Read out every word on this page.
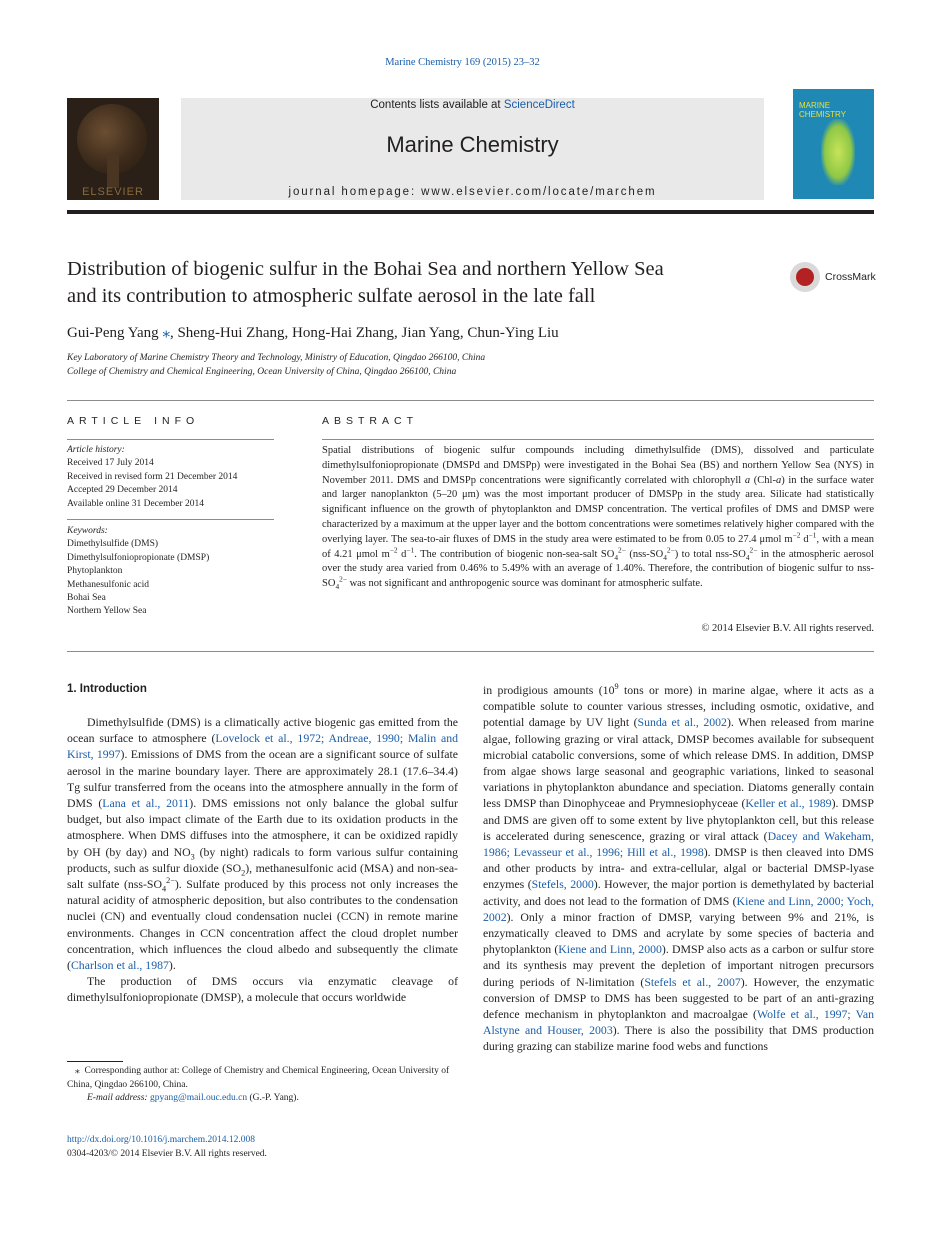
Marine Chemistry 169 (2015) 23–32
ELSEVIER
Contents lists available at ScienceDirect
Marine Chemistry
journal homepage: www.elsevier.com/locate/marchem
MARINE CHEMISTRY
Distribution of biogenic sulfur in the Bohai Sea and northern Yellow Sea
and its contribution to atmospheric sulfate aerosol in the late fall
CrossMark
Gui-Peng Yang ⁎, Sheng-Hui Zhang, Hong-Hai Zhang, Jian Yang, Chun-Ying Liu
Key Laboratory of Marine Chemistry Theory and Technology, Ministry of Education, Qingdao 266100, China
College of Chemistry and Chemical Engineering, Ocean University of China, Qingdao 266100, China
ARTICLE INFO
Article history:
Received 17 July 2014
Received in revised form 21 December 2014
Accepted 29 December 2014
Available online 31 December 2014
Keywords:
Dimethylsulfide (DMS)
Dimethylsulfoniopropionate (DMSP)
Phytoplankton
Methanesulfonic acid
Bohai Sea
Northern Yellow Sea
ABSTRACT
Spatial distributions of biogenic sulfur compounds including dimethylsulfide (DMS), dissolved and particulate dimethylsulfoniopropionate (DMSPd and DMSPp) were investigated in the Bohai Sea (BS) and northern Yellow Sea (NYS) in November 2011. DMS and DMSPp concentrations were significantly correlated with chlorophyll a (Chl-a) in the surface water and larger nanoplankton (5–20 μm) was the most important producer of DMSPp in the study area. Silicate had statistically significant influence on the growth of phytoplankton and DMSP concentration. The vertical profiles of DMS and DMSP were characterized by a maximum at the upper layer and the bottom concentrations were sometimes relatively higher compared with the overlying layer. The sea-to-air fluxes of DMS in the study area were estimated to be from 0.05 to 27.4 μmol $m^{-2}$ $d^{-1}$, with a mean of 4.21 μmol $m^{-2}$ $d^{-1}$. The contribution of biogenic non-sea-salt $SO_4^{2-}$ $(nss-SO_4^{2-})$ to total nss-$SO_4^{2-}$ in the atmospheric aerosol over the study area varied from 0.46% to 5.49% with an average of 1.40%. Therefore, the contribution of biogenic sulfur to nss-$SO_4^{2-}$ was not significant and anthropogenic source was dominant for atmospheric sulfate.
© 2014 Elsevier B.V. All rights reserved.
1. Introduction

Dimethylsulfide (DMS) is a climatically active biogenic gas emitted from the ocean surface to atmosphere (Lovelock et al., 1972; Andreae, 1990; Malin and Kirst, 1997). Emissions of DMS from the ocean are a significant source of sulfate aerosol in the marine boundary layer. There are approximately 28.1 (17.6–34.4) Tg sulfur transferred from the oceans into the atmosphere annually in the form of DMS (Lana et al., 2011). DMS emissions not only balance the global sulfur budget, but also impact climate of the Earth due to its oxidation products in the atmosphere. When DMS diffuses into the atmosphere, it can be oxidized rapidly by OH (by day) and $NO_3$ (by night) radicals to form various sulfur containing products, such as sulfur dioxide $(SO_2)$, methanesulfonic acid (MSA) and non-sea-salt sulfate $(nss-SO_4^{2-})$. Sulfate produced by this process not only increases the natural acidity of atmospheric deposition, but also contributes to the condensation nuclei (CN) and eventually cloud condensation nuclei (CCN) in remote marine environments. Changes in CCN concentration affect the cloud droplet number concentration, which influences the cloud albedo and subsequently the climate (Charlson et al., 1987).

The production of DMS occurs via enzymatic cleavage of dimethylsulfoniopropionate (DMSP), a molecule that occurs worldwide

⁎  Corresponding author at: College of Chemistry and Chemical Engineering, Ocean University of China, Qingdao 266100, China.
E-mail address: gpyang@mail.ouc.edu.cn (G.-P. Yang).
http://dx.doi.org/10.1016/j.marchem.2014.12.008
0304-4203/© 2014 Elsevier B.V. All rights reserved.

in prodigious amounts ($10^9$ tons or more) in marine algae, where it acts as a compatible solute to counter various stresses, including osmotic, oxidative, and potential damage by UV light (Sunda et al., 2002). When released from marine algae, following grazing or viral attack, DMSP becomes available for subsequent microbial catabolic conversions, some of which release DMS. In addition, DMSP from algae shows large seasonal and geographic variations, linked to seasonal variations in phytoplankton abundance and speciation. Diatoms generally contain less DMSP than Dinophyceae and Prymnesiophyceae (Keller et al., 1989). DMSP and DMS are given off to some extent by live phytoplankton cell, but this release is accelerated during senescence, grazing or viral attack (Dacey and Wakeham, 1986; Levasseur et al., 1996; Hill et al., 1998). DMSP is then cleaved into DMS and other products by intra- and extra-cellular, algal or bacterial DMSP-lyase enzymes (Stefels, 2000). However, the major portion is demethylated by bacterial activity, and does not lead to the formation of DMS (Kiene and Linn, 2000; Yoch, 2002). Only a minor fraction of DMSP, varying between 9% and 21%, is enzymatically cleaved to DMS and acrylate by some species of bacteria and phytoplankton (Kiene and Linn, 2000). DMSP also acts as a carbon or sulfur store and its synthesis may prevent the depletion of important nitrogen precursors during periods of N-limitation (Stefels et al., 2007). However, the enzymatic conversion of DMSP to DMS has been suggested to be part of an anti-grazing defence mechanism in phytoplankton and macroalgae (Wolfe et al., 1997; Van Alstyne and Houser, 2003). There is also the possibility that DMS production during grazing can stabilize marine food webs and functions
